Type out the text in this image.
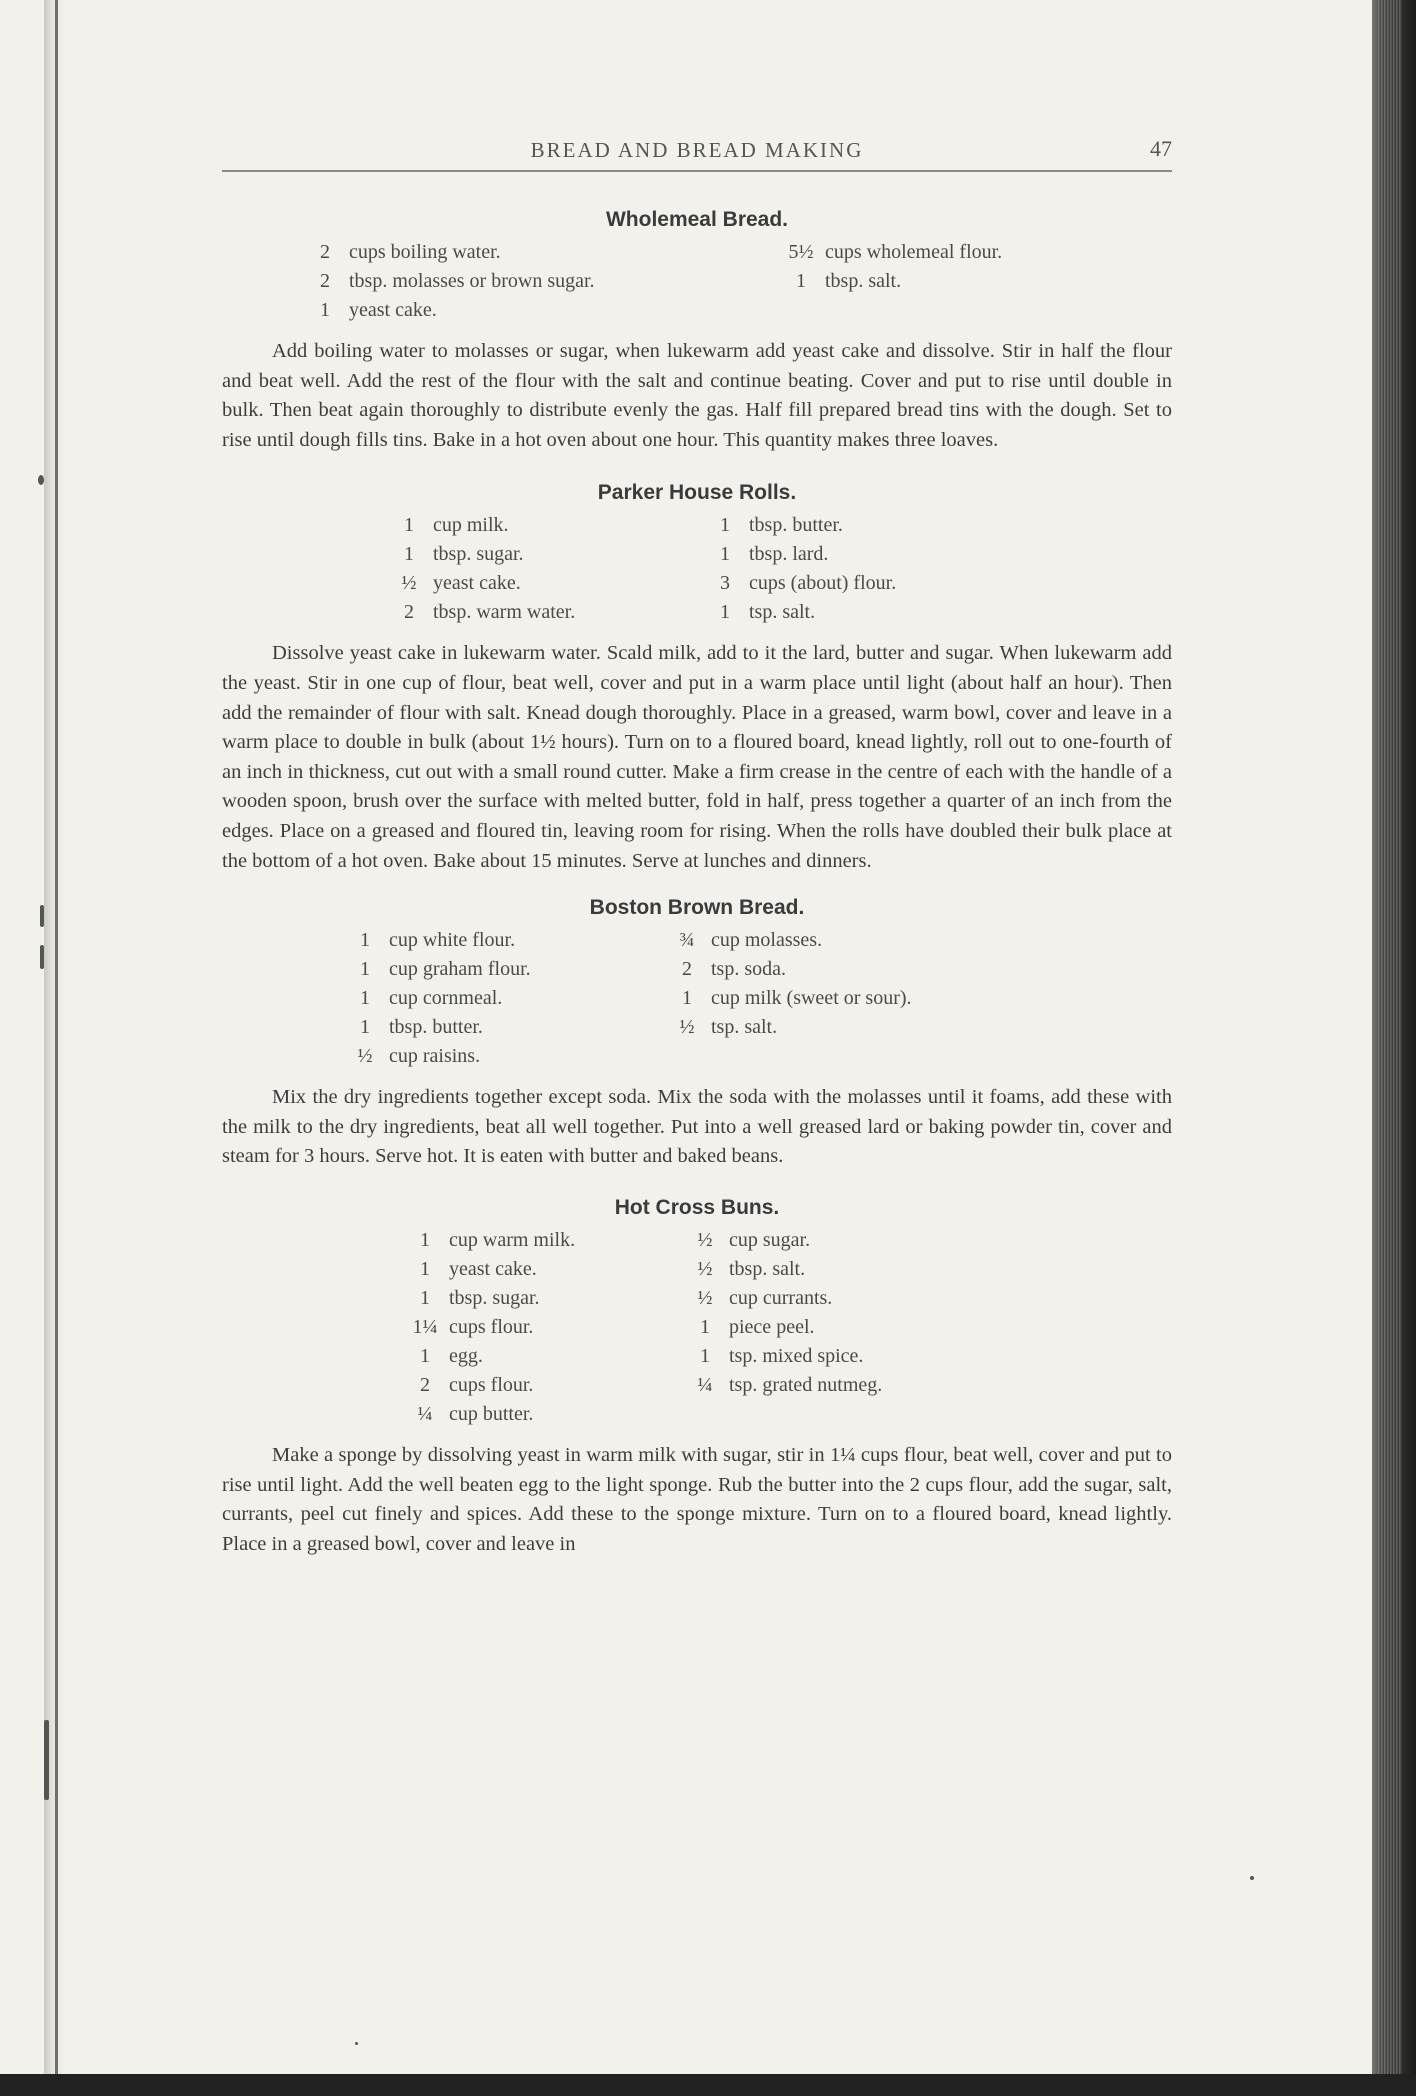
BREAD AND BREAD MAKING	47
Wholemeal Bread.
2 cups boiling water.
2 tbsp. molasses or brown sugar.
1 yeast cake.
5½ cups wholemeal flour.
1 tbsp. salt.

Add boiling water to molasses or sugar, when lukewarm add yeast cake and dissolve. Stir in half the flour and beat well. Add the rest of the flour with the salt and continue beating. Cover and put to rise until double in bulk. Then beat again thoroughly to distribute evenly the gas. Half fill prepared bread tins with the dough. Set to rise until dough fills tins. Bake in a hot oven about one hour. This quantity makes three loaves.

Parker House Rolls.
1 cup milk.
1 tbsp. sugar.
½ yeast cake.
2 tbsp. warm water.
1 tbsp. butter.
1 tbsp. lard.
3 cups (about) flour.
1 tsp. salt.

Dissolve yeast cake in lukewarm water. Scald milk, add to it the lard, butter and sugar. When lukewarm add the yeast. Stir in one cup of flour, beat well, cover and put in a warm place until light (about half an hour). Then add the remainder of flour with salt. Knead dough thoroughly. Place in a greased, warm bowl, cover and leave in a warm place to double in bulk (about 1½ hours). Turn on to a floured board, knead lightly, roll out to one-fourth of an inch in thickness, cut out with a small round cutter. Make a firm crease in the centre of each with the handle of a wooden spoon, brush over the surface with melted butter, fold in half, press together a quarter of an inch from the edges. Place on a greased and floured tin, leaving room for rising. When the rolls have doubled their bulk place at the bottom of a hot oven. Bake about 15 minutes. Serve at lunches and dinners.

Boston Brown Bread.
1 cup white flour.
1 cup graham flour.
1 cup cornmeal.
1 tbsp. butter.
½ cup raisins.
¾ cup molasses.
2 tsp. soda.
1 cup milk (sweet or sour).
½ tsp. salt.

Mix the dry ingredients together except soda. Mix the soda with the molasses until it foams, add these with the milk to the dry ingredients, beat all well together. Put into a well greased lard or baking powder tin, cover and steam for 3 hours. Serve hot. It is eaten with butter and baked beans.

Hot Cross Buns.
1 cup warm milk.
1 yeast cake.
1 tbsp. sugar.
1¼ cups flour.
1 egg.
2 cups flour.
¼ cup butter.
½ cup sugar.
½ tbsp. salt.
½ cup currants.
1 piece peel.
1 tsp. mixed spice.
¼ tsp. grated nutmeg.

Make a sponge by dissolving yeast in warm milk with sugar, stir in 1¼ cups flour, beat well, cover and put to rise until light. Add the well beaten egg to the light sponge. Rub the butter into the 2 cups flour, add the sugar, salt, currants, peel cut finely and spices. Add these to the sponge mixture. Turn on to a floured board, knead lightly. Place in a greased bowl, cover and leave in
